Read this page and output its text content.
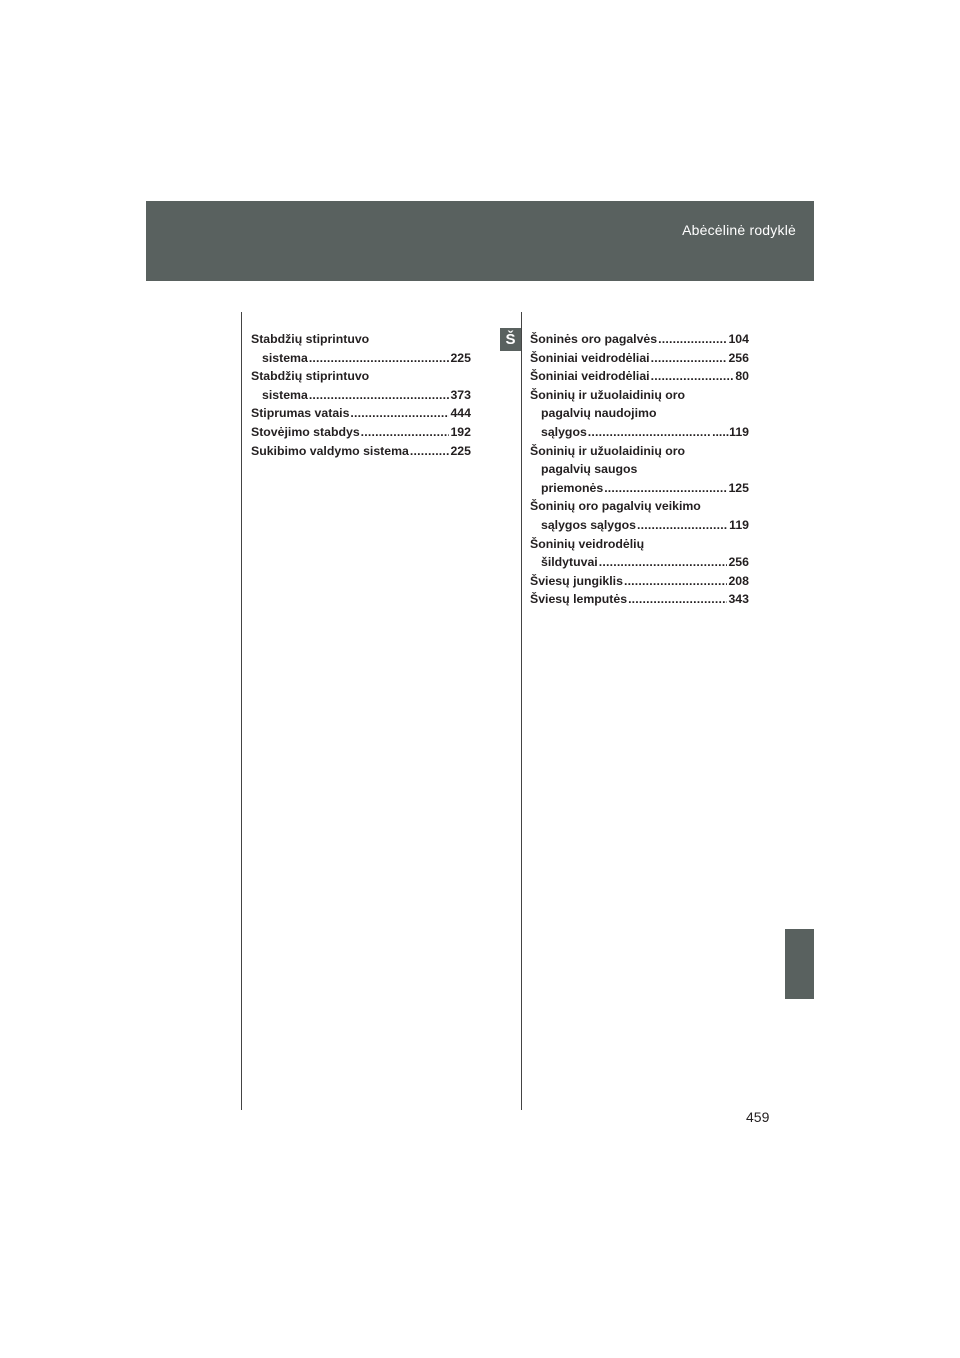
Abėcėlinė rodyklė
Š
Stabdžių stiprintuvo
sistema .....	225
Stabdžių stiprintuvo
sistema .....	373
Stiprumas vatais .....	444
Stovėjimo stabdys .....	192
Sukibimo valdymo sistema .....	225
Šoninės oro pagalvės .....	104
Šoniniai veidrodėliai .....	256
Šoniniai veidrodėliai .....	80
Šoninių ir užuolaidinių oro
pagalvių naudojimo
sąlygos .....	.....119
Šoninių ir užuolaidinių oro
pagalvių saugos
priemonės .....	125
Šoninių oro pagalvių veikimo
sąlygos sąlygos .....	119
Šoninių veidrodėlių
šildytuvai .....	256
Šviesų jungiklis .....	208
Šviesų lemputės .....	343
459
